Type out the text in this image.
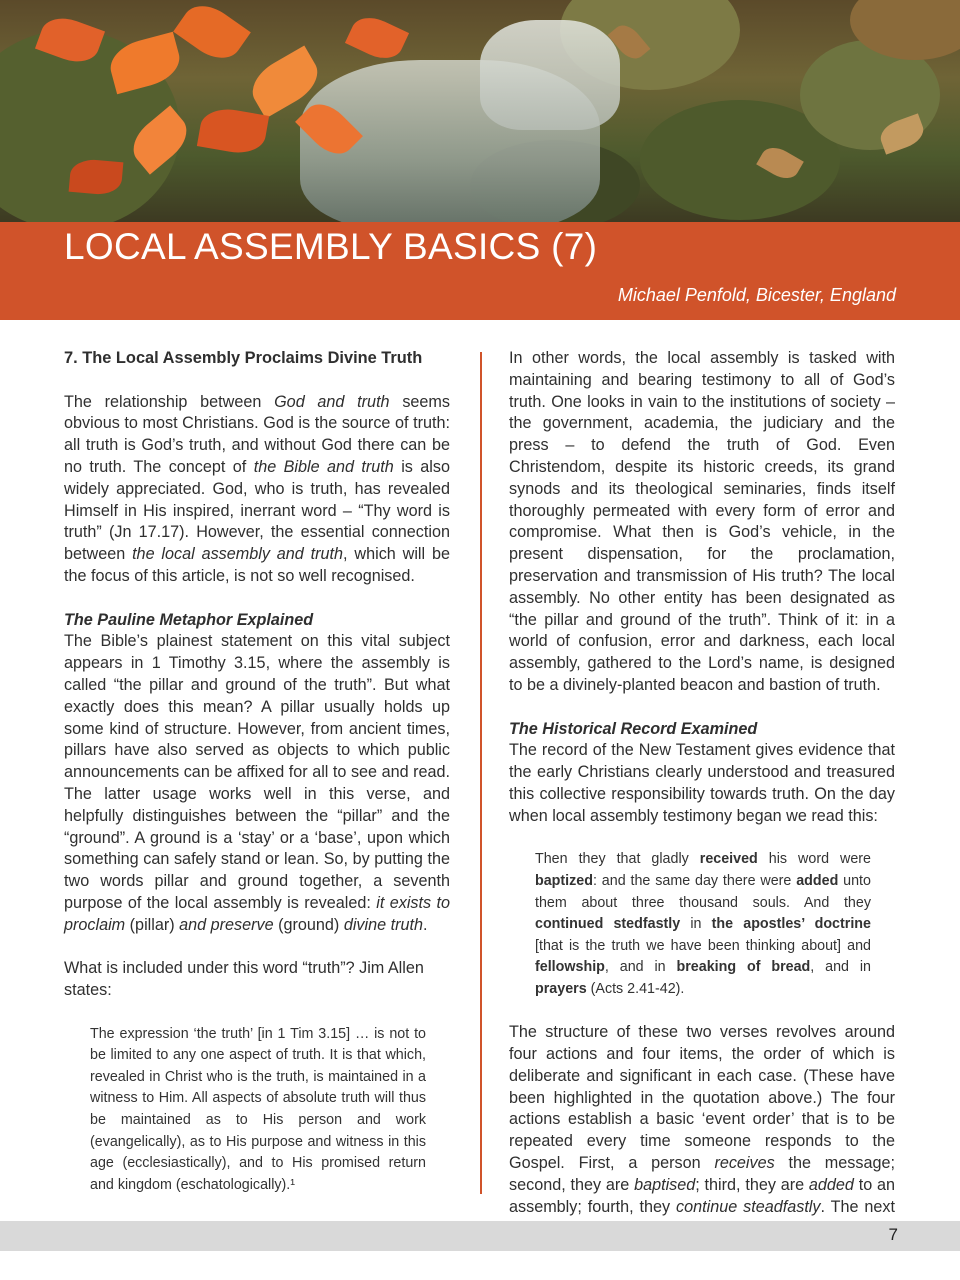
LOCAL ASSEMBLY BASICS (7)
Michael Penfold, Bicester, England

7. The Local Assembly Proclaims Divine Truth

The relationship between God and truth seems obvious to most Christians. God is the source of truth: all truth is God’s truth, and without God there can be no truth. The concept of the Bible and truth is also widely appreciated. God, who is truth, has revealed Himself in His inspired, inerrant word – “Thy word is truth” (Jn 17.17). However, the essential connection between the local assembly and truth, which will be the focus of this article, is not so well recognised.

The Pauline Metaphor Explained

The Bible’s plainest statement on this vital subject appears in 1 Timothy 3.15, where the assembly is called “the pillar and ground of the truth”. But what exactly does this mean? A pillar usually holds up some kind of structure. However, from ancient times, pillars have also served as objects to which public announcements can be affixed for all to see and read. The latter usage works well in this verse, and helpfully distinguishes between the “pillar” and the “ground”. A ground is a ‘stay’ or a ‘base’, upon which something can safely stand or lean. So, by putting the two words pillar and ground together, a seventh purpose of the local assembly is revealed: it exists to proclaim (pillar) and preserve (ground) divine truth.

What is included under this word “truth”? Jim Allen states:

The expression ‘the truth’ [in 1 Tim 3.15] … is not to be limited to any one aspect of truth. It is that which, revealed in Christ who is the truth, is maintained in a witness to Him. All aspects of absolute truth will thus be maintained as to His person and work (evangelically), as to His purpose and witness in this age (ecclesiastically), and to His promised return and kingdom (eschatologically).¹

In other words, the local assembly is tasked with maintaining and bearing testimony to all of God’s truth. One looks in vain to the institutions of society – the government, academia, the judiciary and the press – to defend the truth of God. Even Christendom, despite its historic creeds, its grand synods and its theological seminaries, finds itself thoroughly permeated with every form of error and compromise. What then is God’s vehicle, in the present dispensation, for the proclamation, preservation and transmission of His truth? The local assembly. No other entity has been designated as “the pillar and ground of the truth”. Think of it: in a world of confusion, error and darkness, each local assembly, gathered to the Lord’s name, is designed to be a divinely-planted beacon and bastion of truth.

The Historical Record Examined

The record of the New Testament gives evidence that the early Christians clearly understood and treasured this collective responsibility towards truth. On the day when local assembly testimony began we read this:

Then they that gladly received his word were baptized: and the same day there were added unto them about three thousand souls. And they continued stedfastly in the apostles’ doctrine [that is the truth we have been thinking about] and fellowship, and in breaking of bread, and in prayers (Acts 2.41-42).

The structure of these two verses revolves around four actions and four items, the order of which is deliberate and significant in each case. (These have been highlighted in the quotation above.) The four actions establish a basic ‘event order’ that is to be repeated every time someone responds to the Gospel. First, a person receives the message; second, they are baptised; third, they are added to an assembly; fourth, they continue steadfastly. The next

7
